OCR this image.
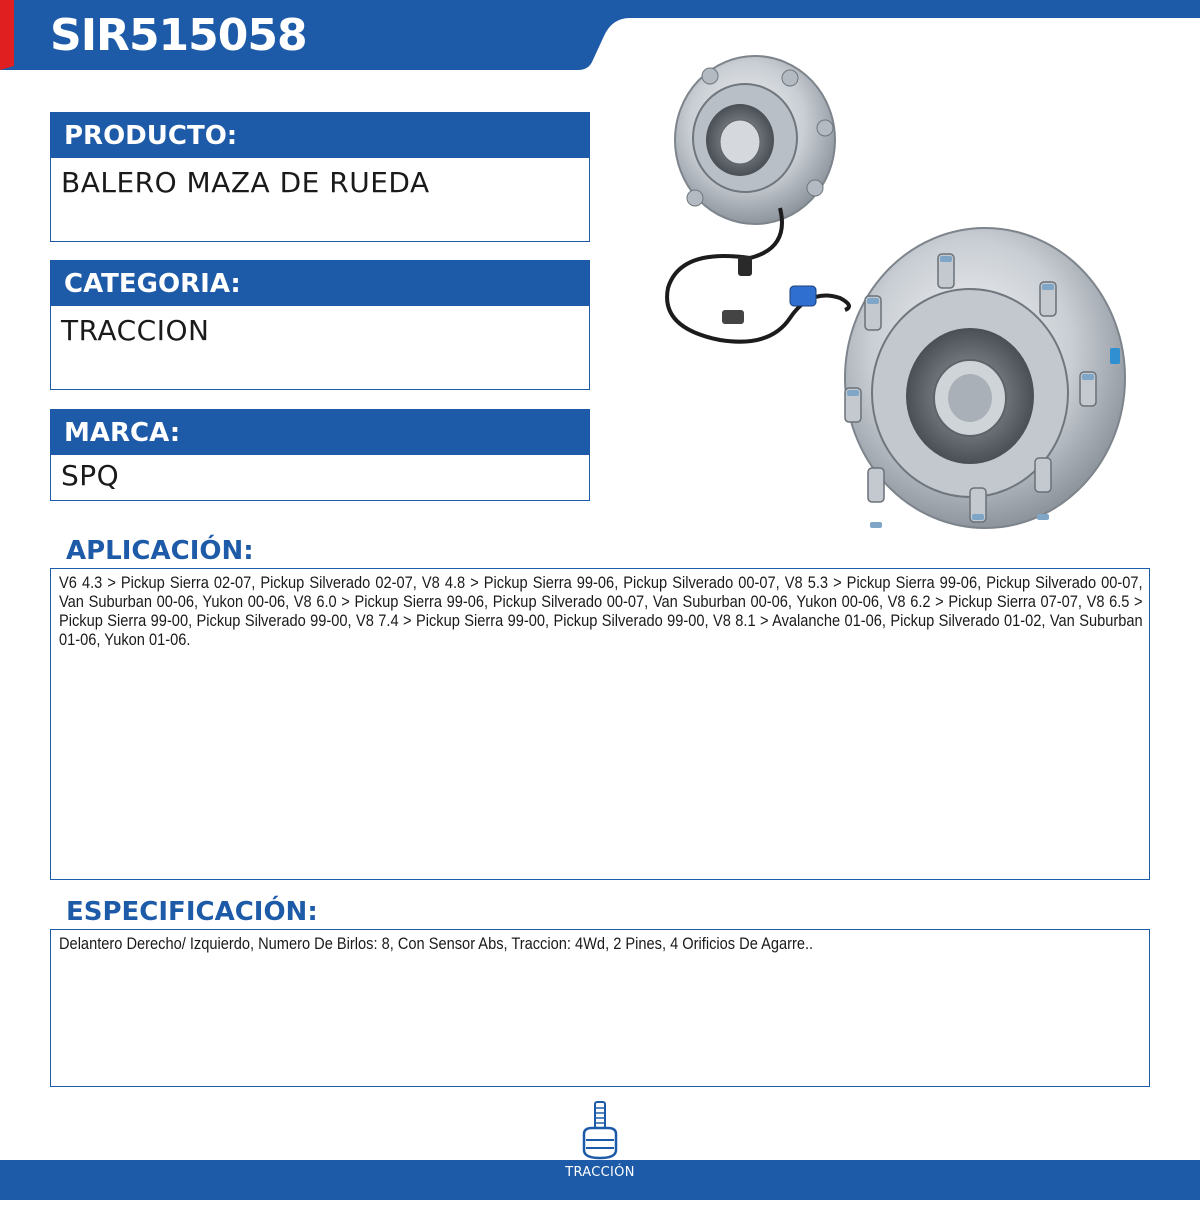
SIR515058
PRODUCTO:
BALERO MAZA DE RUEDA
CATEGORIA:
TRACCION
MARCA:
SPQ
APLICACIÓN:
V6 4.3 > Pickup Sierra 02-07, Pickup Silverado 02-07, V8 4.8 > Pickup Sierra 99-06, Pickup Silverado 00-07, V8 5.3 > Pickup Sierra 99-06, Pickup Silverado 00-07, Van Suburban 00-06, Yukon 00-06, V8 6.0 > Pickup Sierra 99-06, Pickup Silverado 00-07, Van Suburban 00-06, Yukon 00-06, V8 6.2 > Pickup Sierra 07-07, V8 6.5 > Pickup Sierra 99-00, Pickup Silverado 99-00, V8 7.4 > Pickup Sierra 99-00, Pickup Silverado 99-00, V8 8.1 > Avalanche 01-06, Pickup Silverado 01-02, Van Suburban 01-06, Yukon 01-06.
ESPECIFICACIÓN:
Delantero Derecho/ Izquierdo, Numero De Birlos: 8, Con Sensor Abs, Traccion: 4Wd, 2 Pines, 4 Orificios De Agarre..
TRACCIÓN
